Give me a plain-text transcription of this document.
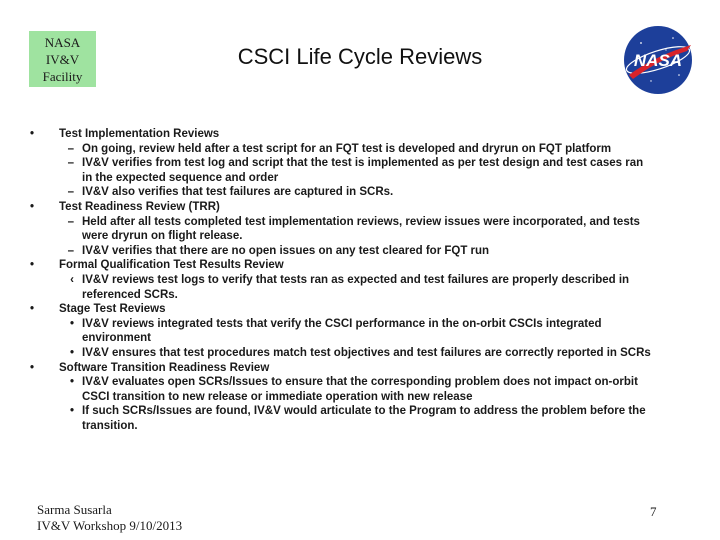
NASA
IV&V
Facility
CSCI Life Cycle Reviews	NASA
•	Test Implementation Reviews
– On going, review held after a test script for an FQT test is developed and dryrun on FQT platform
– IV&V verifies from test log and script that the test is implemented as per test design and test cases ran in the expected sequence and order
– IV&V also verifies that test failures are captured in SCRs.
•	Test Readiness Review (TRR)
– Held after all tests completed test implementation reviews, review issues were incorporated, and tests were dryrun on flight release.
– IV&V verifies that there are no open issues on any test cleared for FQT run
•	Formal Qualification Test Results Review
‹ IV&V reviews test logs to verify that tests ran as expected and test failures are properly described in referenced SCRs.
•	Stage Test Reviews
• IV&V reviews integrated tests that verify the CSCI performance in the on-orbit CSCIs integrated environment
• IV&V ensures that test procedures match test objectives and test failures are correctly reported in SCRs
•	Software Transition Readiness Review
• IV&V evaluates open SCRs/Issues to ensure that the corresponding problem does not impact on-orbit CSCI transition to new release or immediate operation with new release
• If such SCRs/Issues are found, IV&V would articulate to the Program to address the problem before the transition.
Sarma Susarla
IV&V Workshop 9/10/2013
7
